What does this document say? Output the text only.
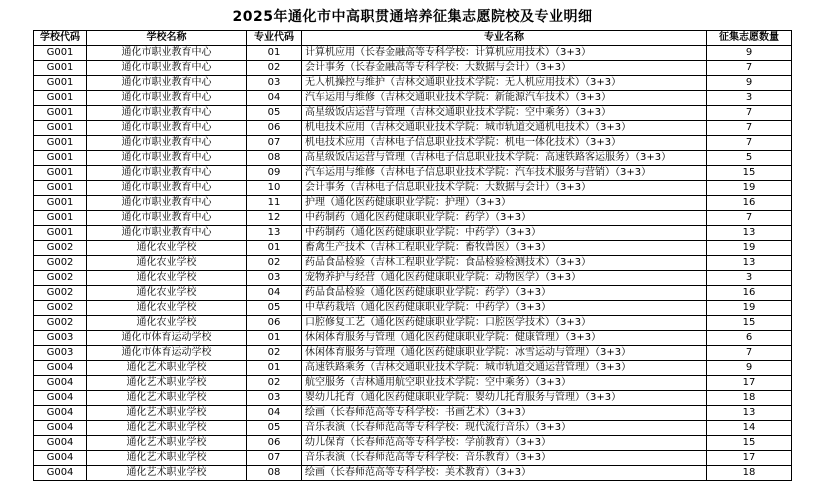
2025年通化市中高职贯通培养征集志愿院校及专业明细
学校代码	学校名称	专业代码	专业名称	征集志愿数量
G001	通化市职业教育中心	01	计算机应用（长春金融高等专科学校：计算机应用技术）（3+3）	9
G001	通化市职业教育中心	02	会计事务（长春金融高等专科学校：大数据与会计）（3+3）	7
G001	通化市职业教育中心	03	无人机操控与维护（吉林交通职业技术学院：无人机应用技术）（3+3）	9
G001	通化市职业教育中心	04	汽车运用与维修（吉林交通职业技术学院：新能源汽车技术）（3+3）	3
G001	通化市职业教育中心	05	高星级饭店运营与管理（吉林交通职业技术学院：空中乘务）（3+3）	7
G001	通化市职业教育中心	06	机电技术应用（吉林交通职业技术学院：城市轨道交通机电技术）（3+3）	7
G001	通化市职业教育中心	07	机电技术应用（吉林电子信息职业技术学院：机电一体化技术）（3+3）	7
G001	通化市职业教育中心	08	高星级饭店运营与管理（吉林电子信息职业技术学院：高速铁路客运服务）（3+3）	5
G001	通化市职业教育中心	09	汽车运用与维修（吉林电子信息职业技术学院：汽车技术服务与营销）（3+3）	15
G001	通化市职业教育中心	10	会计事务（吉林电子信息职业技术学院：大数据与会计）（3+3）	19
G001	通化市职业教育中心	11	护理（通化医药健康职业学院：护理）（3+3）	16
G001	通化市职业教育中心	12	中药制药（通化医药健康职业学院：药学）（3+3）	7
G001	通化市职业教育中心	13	中药制药（通化医药健康职业学院：中药学）（3+3）	13
G002	通化农业学校	01	畜禽生产技术（吉林工程职业学院：畜牧兽医）（3+3）	19
G002	通化农业学校	02	药品食品检验（吉林工程职业学院：食品检验检测技术）（3+3）	13
G002	通化农业学校	03	宠物养护与经营（通化医药健康职业学院：动物医学）（3+3）	3
G002	通化农业学校	04	药品食品检验（通化医药健康职业学院：药学）（3+3）	16
G002	通化农业学校	05	中草药栽培（通化医药健康职业学院：中药学）（3+3）	19
G002	通化农业学校	06	口腔修复工艺（通化医药健康职业学院：口腔医学技术）（3+3）	15
G003	通化市体育运动学校	01	休闲体育服务与管理（通化医药健康职业学院：健康管理）（3+3）	6
G003	通化市体育运动学校	02	休闲体育服务与管理（通化医药健康职业学院：冰雪运动与管理）（3+3）	7
G004	通化艺术职业学校	01	高速铁路乘务（吉林交通职业技术学院：城市轨道交通运营管理）（3+3）	9
G004	通化艺术职业学校	02	航空服务（吉林通用航空职业技术学院：空中乘务）（3+3）	17
G004	通化艺术职业学校	03	婴幼儿托育（通化医药健康职业学院：婴幼儿托育服务与管理）（3+3）	18
G004	通化艺术职业学校	04	绘画（长春师范高等专科学校：书画艺术）（3+3）	13
G004	通化艺术职业学校	05	音乐表演（长春师范高等专科学校：现代流行音乐）（3+3）	14
G004	通化艺术职业学校	06	幼儿保育（长春师范高等专科学校：学前教育）（3+3）	15
G004	通化艺术职业学校	07	音乐表演（长春师范高等专科学校：音乐教育）（3+3）	17
G004	通化艺术职业学校	08	绘画（长春师范高等专科学校：美术教育）（3+3）	18
